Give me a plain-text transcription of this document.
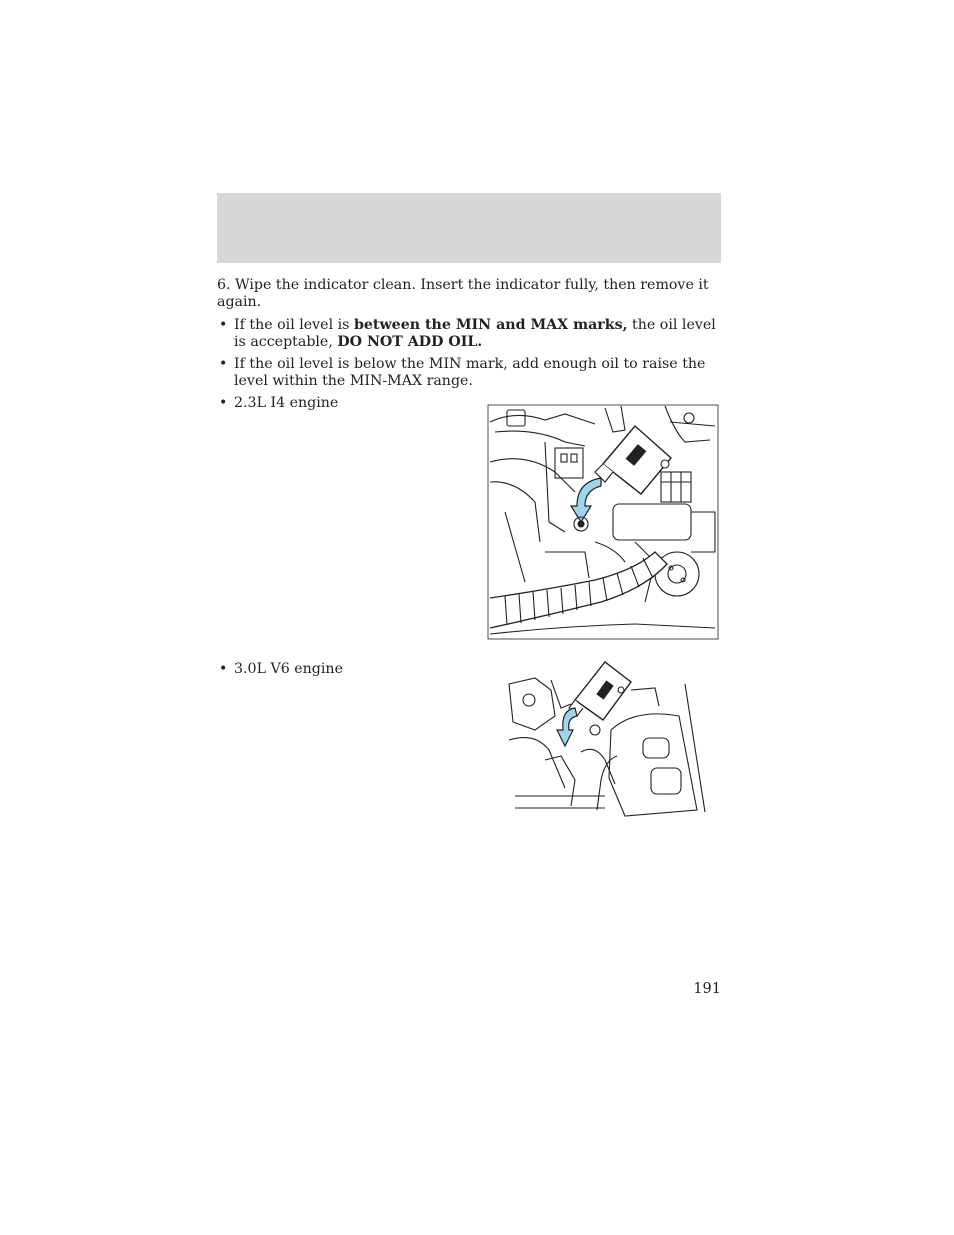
6. Wipe the indicator clean. Insert the indicator fully, then remove it again.

• If the oil level is between the MIN and MAX marks, the oil level is acceptable, DO NOT ADD OIL.
• If the oil level is below the MIN mark, add enough oil to raise the level within the MIN-MAX range.
• 2.3L I4 engine
• 3.0L V6 engine
191
